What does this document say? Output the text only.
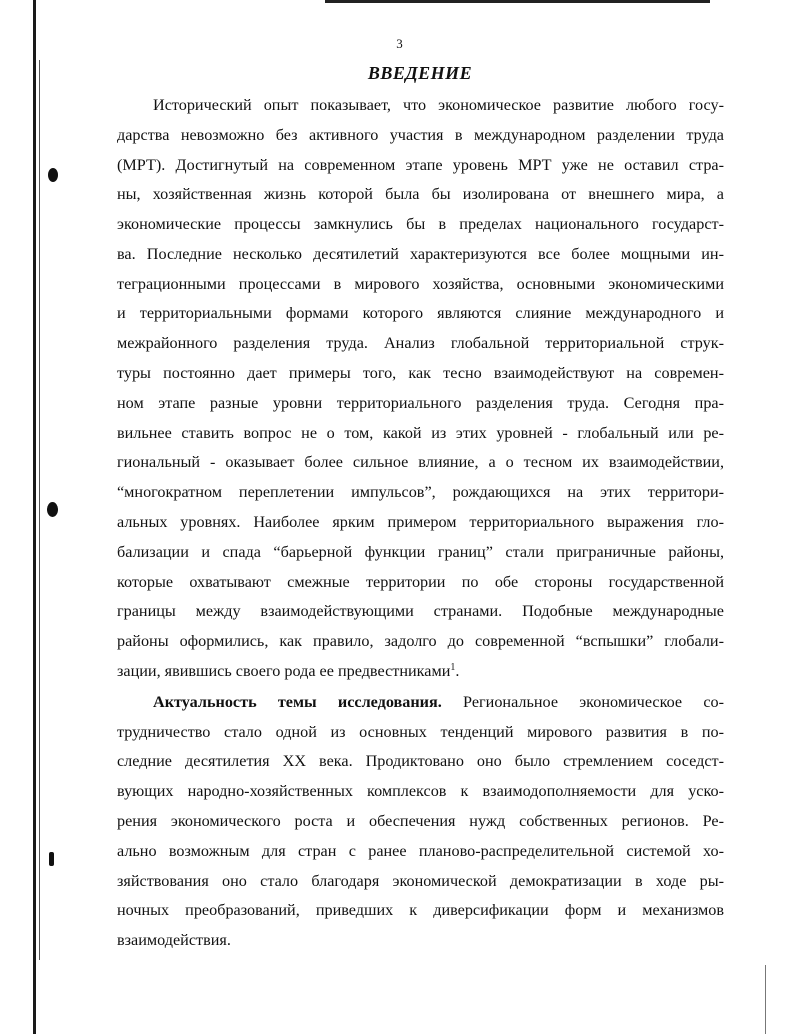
3
ВВЕДЕНИЕ
Исторический опыт показывает, что экономическое развитие любого госу-
дарства невозможно без активного участия в международном разделении труда
(МРТ). Достигнутый на современном этапе уровень МРТ уже не оставил стра-
ны, хозяйственная жизнь которой была бы изолирована от внешнего мира, а
экономические процессы замкнулись бы в пределах национального государст-
ва. Последние несколько десятилетий характеризуются все более мощными ин-
теграционными процессами в мирового хозяйства, основными экономическими
и территориальными формами которого являются слияние международного и
межрайонного разделения труда. Анализ глобальной территориальной струк-
туры постоянно дает примеры того, как тесно взаимодействуют на современ-
ном этапе разные уровни территориального разделения труда. Сегодня пра-
вильнее ставить вопрос не о том, какой из этих уровней - глобальный или ре-
гиональный - оказывает более сильное влияние, а о тесном их взаимодействии,
“многократном переплетении импульсов”, рождающихся на этих территори-
альных уровнях. Наиболее ярким примером территориального выражения гло-
бализации и спада “барьерной функции границ” стали приграничные районы,
которые охватывают смежные территории по обе стороны государственной
границы между взаимодействующими странами. Подобные международные
районы оформились, как правило, задолго до современной “вспышки” глобали-
зации, явившись своего рода ее предвестниками$^1$.
Актуальность темы исследования. Региональное экономическое со-
трудничество стало одной из основных тенденций мирового развития в по-
следние десятилетия XX века. Продиктовано оно было стремлением соседст-
вующих народно-хозяйственных комплексов к взаимодополняемости для уско-
рения экономического роста и обеспечения нужд собственных регионов. Ре-
ально возможным для стран с ранее планово-распределительной системой хо-
зяйствования оно стало благодаря экономической демократизации в ходе ры-
ночных преобразований, приведших к диверсификации форм и механизмов
взаимодействия.
